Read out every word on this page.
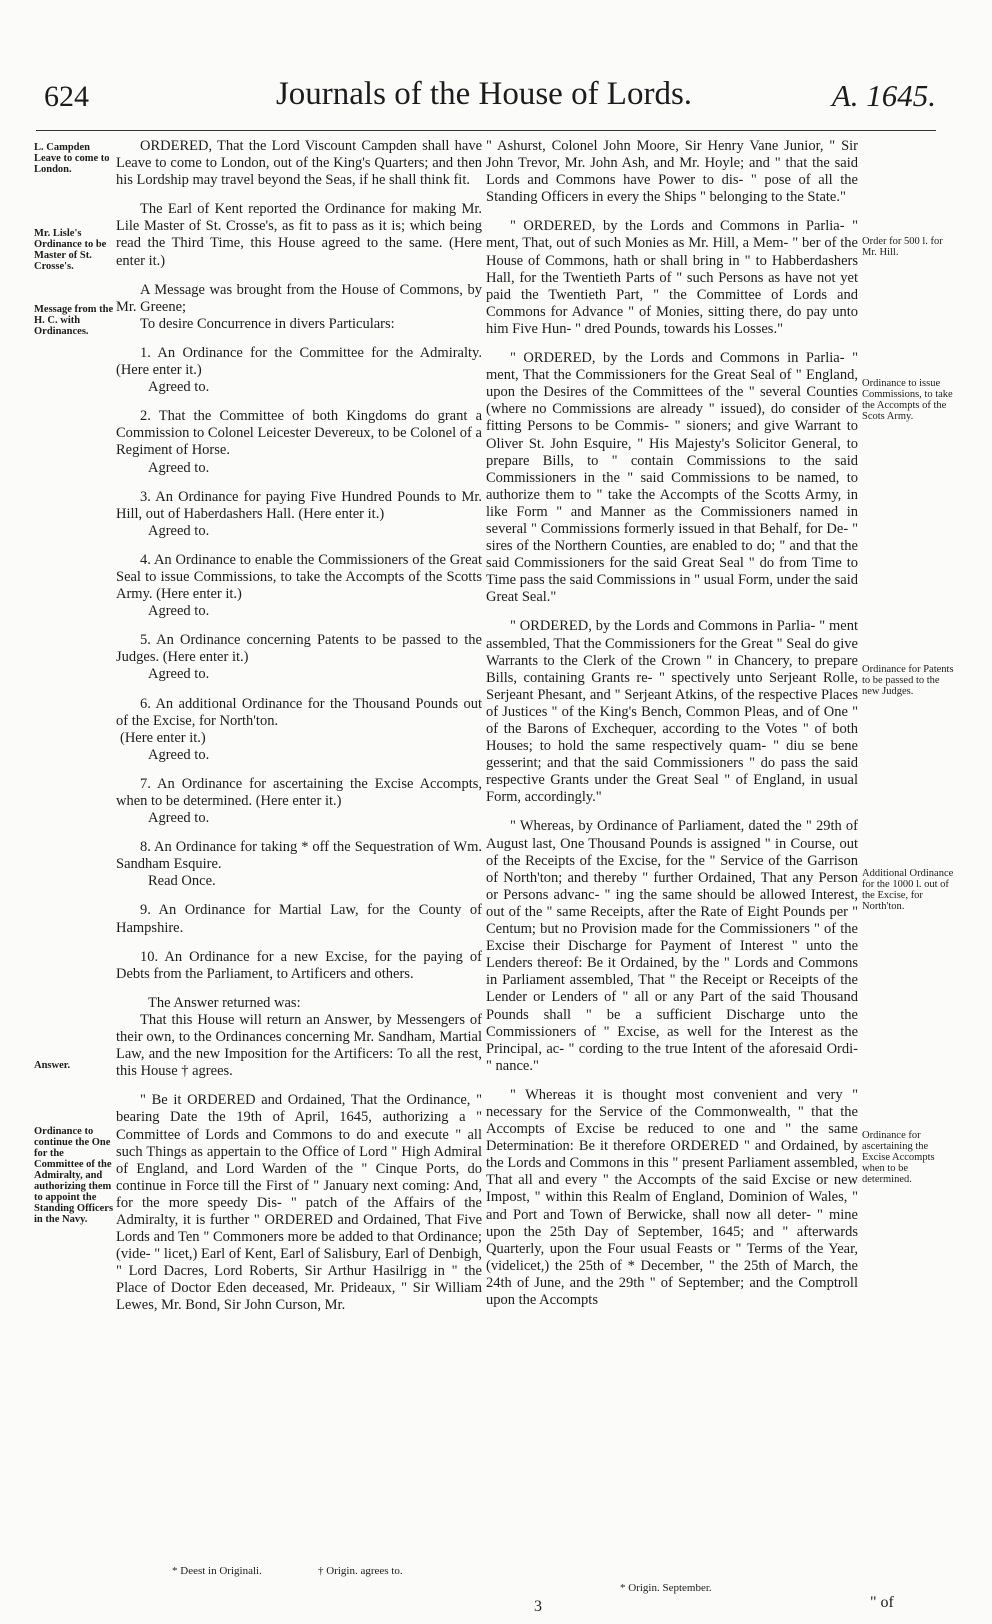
624	Journals of the House of Lords.	A. 1645.
L. Campden Leave to come to London.
Mr. Lisle's Ordinance to be Master of St. Crosse's.
Message from the H. C. with Ordinances.
Answer.
Ordinance to continue the One for the Committee of the Admiralty, and authorizing them to appoint the Standing Officers in the Navy.
Order for 500 l. for Mr. Hill.
Ordinance to issue Commissions, to take the Accompts of the Scots Army.
Ordinance for Patents to be passed to the new Judges.
Additional Ordinance for the 1000 l. out of the Excise, for North'ton.
Ordinance for ascertaining the Excise Accompts when to be determined.

ORDERED, That the Lord Viscount Campden shall have Leave to come to London, out of the King's Quarters; and then his Lordship may travel beyond the Seas, if he shall think fit.

The Earl of Kent reported the Ordinance for making Mr. Lile Master of St. Crosse's, as fit to pass as it is; which being read the Third Time, this House agreed to the same. (Here enter it.)

A Message was brought from the House of Commons, by Mr. Greene;

To desire Concurrence in divers Particulars:

1. An Ordinance for the Committee for the Admiralty. (Here enter it.)

Agreed to.

2. That the Committee of both Kingdoms do grant a Commission to Colonel Leicester Devereux, to be Colonel of a Regiment of Horse.

Agreed to.

3. An Ordinance for paying Five Hundred Pounds to Mr. Hill, out of Haberdashers Hall. (Here enter it.)

Agreed to.

4. An Ordinance to enable the Commissioners of the Great Seal to issue Commissions, to take the Accompts of the Scotts Army. (Here enter it.)

Agreed to.

5. An Ordinance concerning Patents to be passed to the Judges. (Here enter it.)

Agreed to.

6. An additional Ordinance for the Thousand Pounds out of the Excise, for North'ton.

(Here enter it.)

Agreed to.

7. An Ordinance for ascertaining the Excise Accompts, when to be determined. (Here enter it.)

Agreed to.

8. An Ordinance for taking * off the Sequestration of Wm. Sandham Esquire.

Read Once.

9. An Ordinance for Martial Law, for the County of Hampshire.

10. An Ordinance for a new Excise, for the paying of Debts from the Parliament, to Artificers and others.

The Answer returned was:

That this House will return an Answer, by Messengers of their own, to the Ordinances concerning Mr. Sandham, Martial Law, and the new Imposition for the Artificers: To all the rest, this House † agrees.

" Be it ORDERED and Ordained, That the Ordinance, " bearing Date the 19th of April, 1645, authorizing a " Committee of Lords and Commons to do and execute " all such Things as appertain to the Office of Lord " High Admiral of England, and Lord Warden of the " Cinque Ports, do continue in Force till the First of " January next coming: And, for the more speedy Dis- " patch of the Affairs of the Admiralty, it is further " ORDERED and Ordained, That Five Lords and Ten " Commoners more be added to that Ordinance; (vide- " licet,) Earl of Kent, Earl of Salisbury, Earl of Denbigh, " Lord Dacres, Lord Roberts, Sir Arthur Hasilrigg in " the Place of Doctor Eden deceased, Mr. Prideaux, " Sir William Lewes, Mr. Bond, Sir John Curson, Mr.

" Ashurst, Colonel John Moore, Sir Henry Vane Junior, " Sir John Trevor, Mr. John Ash, and Mr. Hoyle; and " that the said Lords and Commons have Power to dis- " pose of all the Standing Officers in every the Ships " belonging to the State."

" ORDERED, by the Lords and Commons in Parlia- " ment, That, out of such Monies as Mr. Hill, a Mem- " ber of the House of Commons, hath or shall bring in " to Habberdashers Hall, for the Twentieth Parts of " such Persons as have not yet paid the Twentieth Part, " the Committee of Lords and Commons for Advance " of Monies, sitting there, do pay unto him Five Hun- " dred Pounds, towards his Losses."

" ORDERED, by the Lords and Commons in Parlia- " ment, That the Commissioners for the Great Seal of " England, upon the Desires of the Committees of the " several Counties (where no Commissions are already " issued), do consider of fitting Persons to be Commis- " sioners; and give Warrant to Oliver St. John Esquire, " His Majesty's Solicitor General, to prepare Bills, to " contain Commissions to the said Commissioners in the " said Commissions to be named, to authorize them to " take the Accompts of the Scotts Army, in like Form " and Manner as the Commissioners named in several " Commissions formerly issued in that Behalf, for De- " sires of the Northern Counties, are enabled to do; " and that the said Commissioners for the said Great Seal " do from Time to Time pass the said Commissions in " usual Form, under the said Great Seal."

" ORDERED, by the Lords and Commons in Parlia- " ment assembled, That the Commissioners for the Great " Seal do give Warrants to the Clerk of the Crown " in Chancery, to prepare Bills, containing Grants re- " spectively unto Serjeant Rolle, Serjeant Phesant, and " Serjeant Atkins, of the respective Places of Justices " of the King's Bench, Common Pleas, and of One " of the Barons of Exchequer, according to the Votes " of both Houses; to hold the same respectively quam- " diu se bene gesserint; and that the said Commissioners " do pass the said respective Grants under the Great Seal " of England, in usual Form, accordingly."

" Whereas, by Ordinance of Parliament, dated the " 29th of August last, One Thousand Pounds is assigned " in Course, out of the Receipts of the Excise, for the " Service of the Garrison of North'ton; and thereby " further Ordained, That any Person or Persons advanc- " ing the same should be allowed Interest, out of the " same Receipts, after the Rate of Eight Pounds per " Centum; but no Provision made for the Commissioners " of the Excise their Discharge for Payment of Interest " unto the Lenders thereof: Be it Ordained, by the " Lords and Commons in Parliament assembled, That " the Receipt or Receipts of the Lender or Lenders of " all or any Part of the said Thousand Pounds shall " be a sufficient Discharge unto the Commissioners of " Excise, as well for the Interest as the Principal, ac- " cording to the true Intent of the aforesaid Ordi- " nance."

" Whereas it is thought most convenient and very " necessary for the Service of the Commonwealth, " that the Accompts of Excise be reduced to one and " the same Determination: Be it therefore ORDERED " and Ordained, by the Lords and Commons in this " present Parliament assembled, That all and every " the Accompts of the said Excise or new Impost, " within this Realm of England, Dominion of Wales, " and Port and Town of Berwicke, shall now all deter- " mine upon the 25th Day of September, 1645; and " afterwards Quarterly, upon the Four usual Feasts or " Terms of the Year, (videlicet,) the 25th of * December, " the 25th of March, the 24th of June, and the 29th " of September; and the Comptroll upon the Accompts

* Deest in Originali.	† Origin. agrees to.
* Origin. September.
3	" of
